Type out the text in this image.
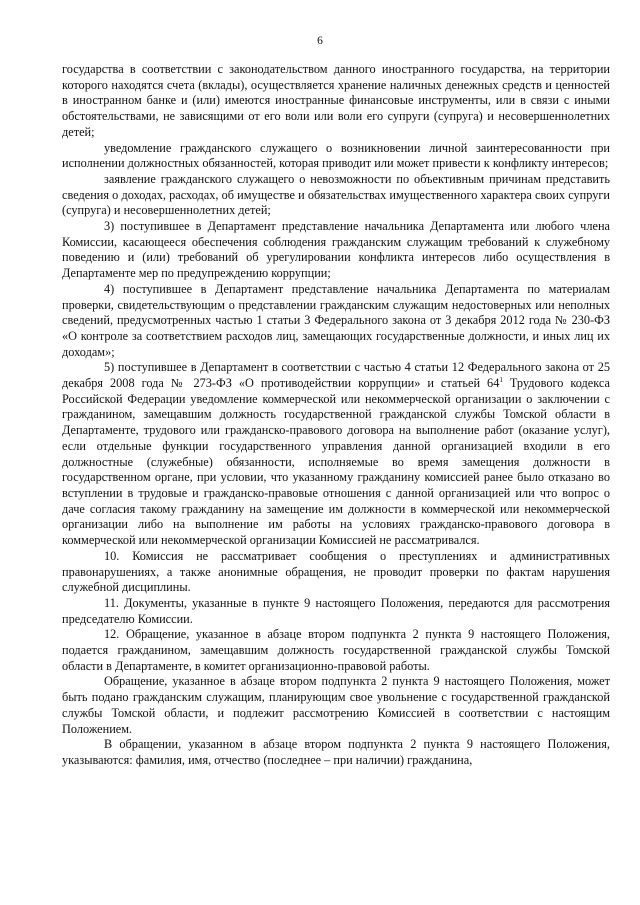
6

государства в соответствии с законодательством данного иностранного государства, на территории которого находятся счета (вклады), осуществляется хранение наличных денежных средств и ценностей в иностранном банке и (или) имеются иностранные финансовые инструменты, или в связи с иными обстоятельствами, не зависящими от его воли или воли его супруги (супруга) и несовершеннолетних детей;

уведомление гражданского служащего о возникновении личной заинтересованности при исполнении должностных обязанностей, которая приводит или может привести к конфликту интересов;

заявление гражданского служащего о невозможности по объективным причинам представить сведения о доходах, расходах, об имуществе и обязательствах имущественного характера своих супруги (супруга) и несовершеннолетних детей;

3) поступившее в Департамент представление начальника Департамента или любого члена Комиссии, касающееся обеспечения соблюдения гражданским служащим требований к служебному поведению и (или) требований об урегулировании конфликта интересов либо осуществления в Департаменте мер по предупреждению коррупции;

4) поступившее в Департамент представление начальника Департамента по материалам проверки, свидетельствующим о представлении гражданским служащим недостоверных или неполных сведений, предусмотренных частью 1 статьи 3 Федерального закона от 3 декабря 2012 года № 230-ФЗ «О контроле за соответствием расходов лиц, замещающих государственные должности, и иных лиц их доходам»;

5) поступившее в Департамент в соответствии с частью 4 статьи 12 Федерального закона от 25 декабря 2008 года № 273-ФЗ «О противодействии коррупции» и статьей $64^1$ Трудового кодекса Российской Федерации уведомление коммерческой или некоммерческой организации о заключении с гражданином, замещавшим должность государственной гражданской службы Томской области в Департаменте, трудового или гражданско-правового договора на выполнение работ (оказание услуг), если отдельные функции государственного управления данной организацией входили в его должностные (служебные) обязанности, исполняемые во время замещения должности в государственном органе, при условии, что указанному гражданину комиссией ранее было отказано во вступлении в трудовые и гражданско-правовые отношения с данной организацией или что вопрос о даче согласия такому гражданину на замещение им должности в коммерческой или некоммерческой организации либо на выполнение им работы на условиях гражданско-правового договора в коммерческой или некоммерческой организации Комиссией не рассматривался.

10. Комиссия не рассматривает сообщения о преступлениях и административных правонарушениях, а также анонимные обращения, не проводит проверки по фактам нарушения служебной дисциплины.

11. Документы, указанные в пункте 9 настоящего Положения, передаются для рассмотрения председателю Комиссии.

12. Обращение, указанное в абзаце втором подпункта 2 пункта 9 настоящего Положения, подается гражданином, замещавшим должность государственной гражданской службы Томской области в Департаменте, в комитет организационно-правовой работы.

Обращение, указанное в абзаце втором подпункта 2 пункта 9 настоящего Положения, может быть подано гражданским служащим, планирующим свое увольнение с государственной гражданской службы Томской области, и подлежит рассмотрению Комиссией в соответствии с настоящим Положением.

В обращении, указанном в абзаце втором подпункта 2 пункта 9 настоящего Положения, указываются: фамилия, имя, отчество (последнее – при наличии) гражданина,
